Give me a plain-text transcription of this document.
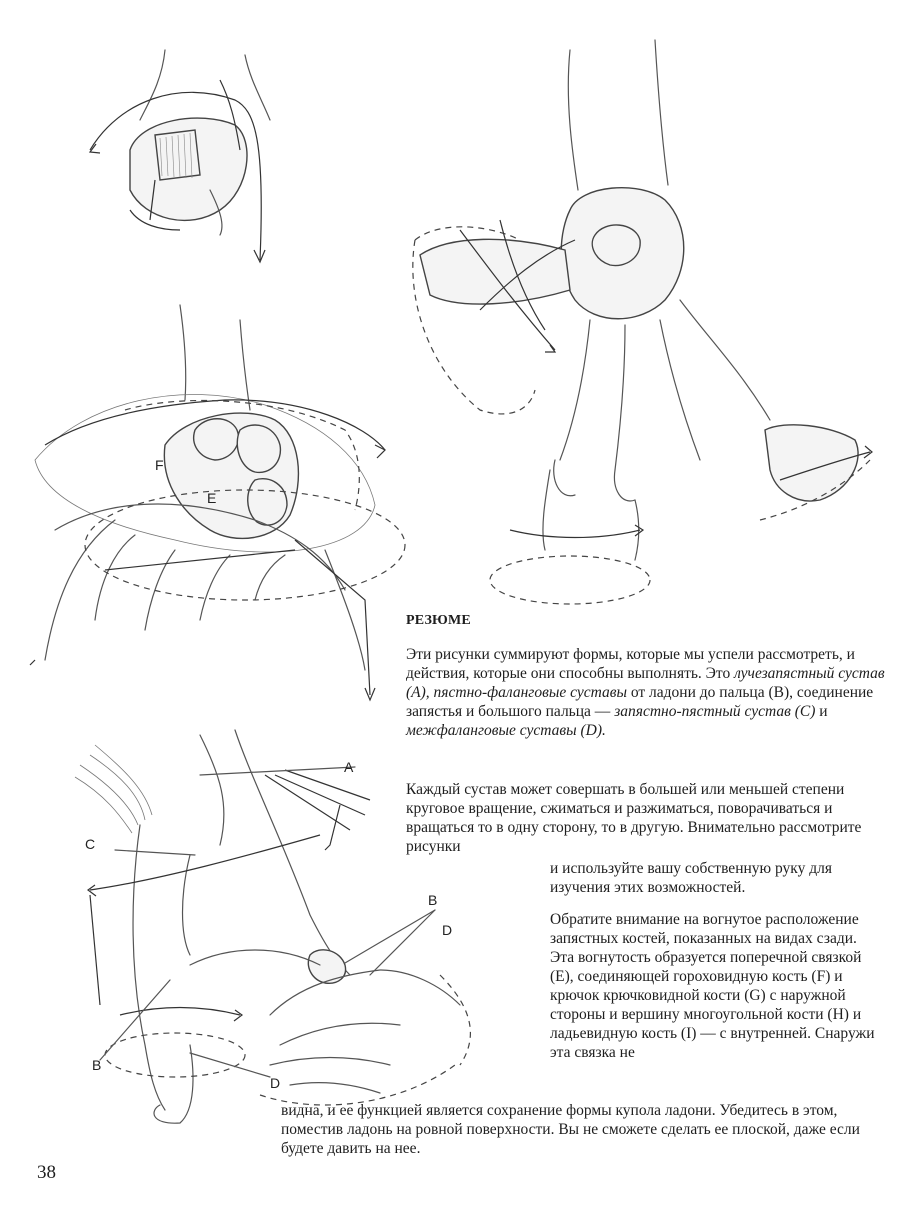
F
E
A
B
C
D
B
D

РЕЗЮМЕ

Эти рисунки суммируют формы, которые мы успели рассмотреть, и действия, которые они способны выполнять. Это лучезапястный сустав (A), пястно-фаланговые суставы от ладони до пальца (B), соединение запястья и большого пальца — запястно-пястный сустав (C) и межфаланговые суставы (D).

Каждый сустав может совершать в большей или меньшей степени круговое вращение, сжиматься и разжиматься, поворачиваться и вращаться то в одну сторону, то в другую. Внимательно рассмотрите рисунки

и используйте вашу собственную руку для изучения этих возможностей.

Обратите внимание на вогнутое расположение запястных костей, показанных на видах сзади. Эта вогнутость образуется поперечной связкой (E), соединяющей гороховидную кость (F) и крючок крючковидной кости (G) с наружной стороны и вершину многоугольной кости (H) и ладьевидную кость (I) — с внутренней. Снаружи эта связка не

видна, и ее функцией является сохранение формы купола ладони. Убедитесь в этом, поместив ладонь на ровной поверхности. Вы не сможете сделать ее плоской, даже если будете давить на нее.

38
